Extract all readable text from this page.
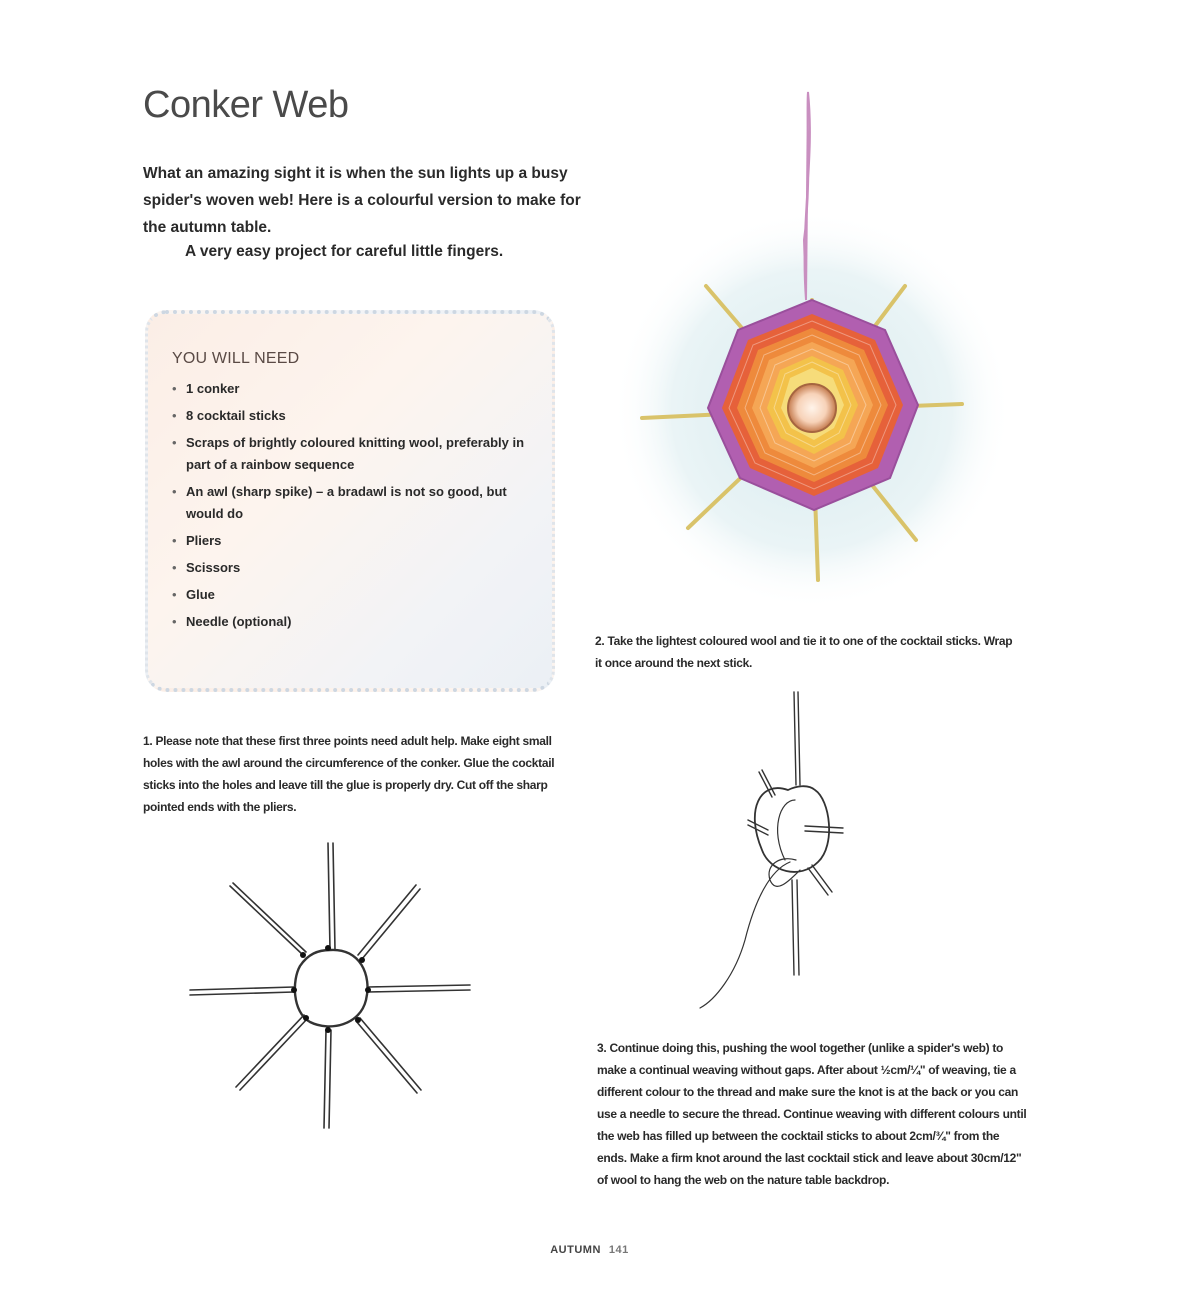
Conker Web

What an amazing sight it is when the sun lights up a busy spider's woven web! Here is a colourful version to make for the autumn table.

A very easy project for careful little fingers.

YOU WILL NEED
• 1 conker
• 8 cocktail sticks
• Scraps of brightly coloured knitting wool, preferably in part of a rainbow sequence
• An awl (sharp spike) – a bradawl is not so good, but would do
• Pliers
• Scissors
• Glue
• Needle (optional)

2. Take the lightest coloured wool and tie it to one of the cocktail sticks. Wrap it once around the next stick.

1. Please note that these first three points need adult help. Make eight small holes with the awl around the circumference of the conker. Glue the cocktail sticks into the holes and leave till the glue is properly dry. Cut off the sharp pointed ends with the pliers.

3. Continue doing this, pushing the wool together (unlike a spider's web) to make a continual weaving without gaps. After about ½cm/¼" of weaving, tie a different colour to the thread and make sure the knot is at the back or you can use a needle to secure the thread. Continue weaving with different colours until the web has filled up between the cocktail sticks to about 2cm/¾" from the ends. Make a firm knot around the last cocktail stick and leave about 30cm/12" of wool to hang the web on the nature table backdrop.

AUTUMN 141
